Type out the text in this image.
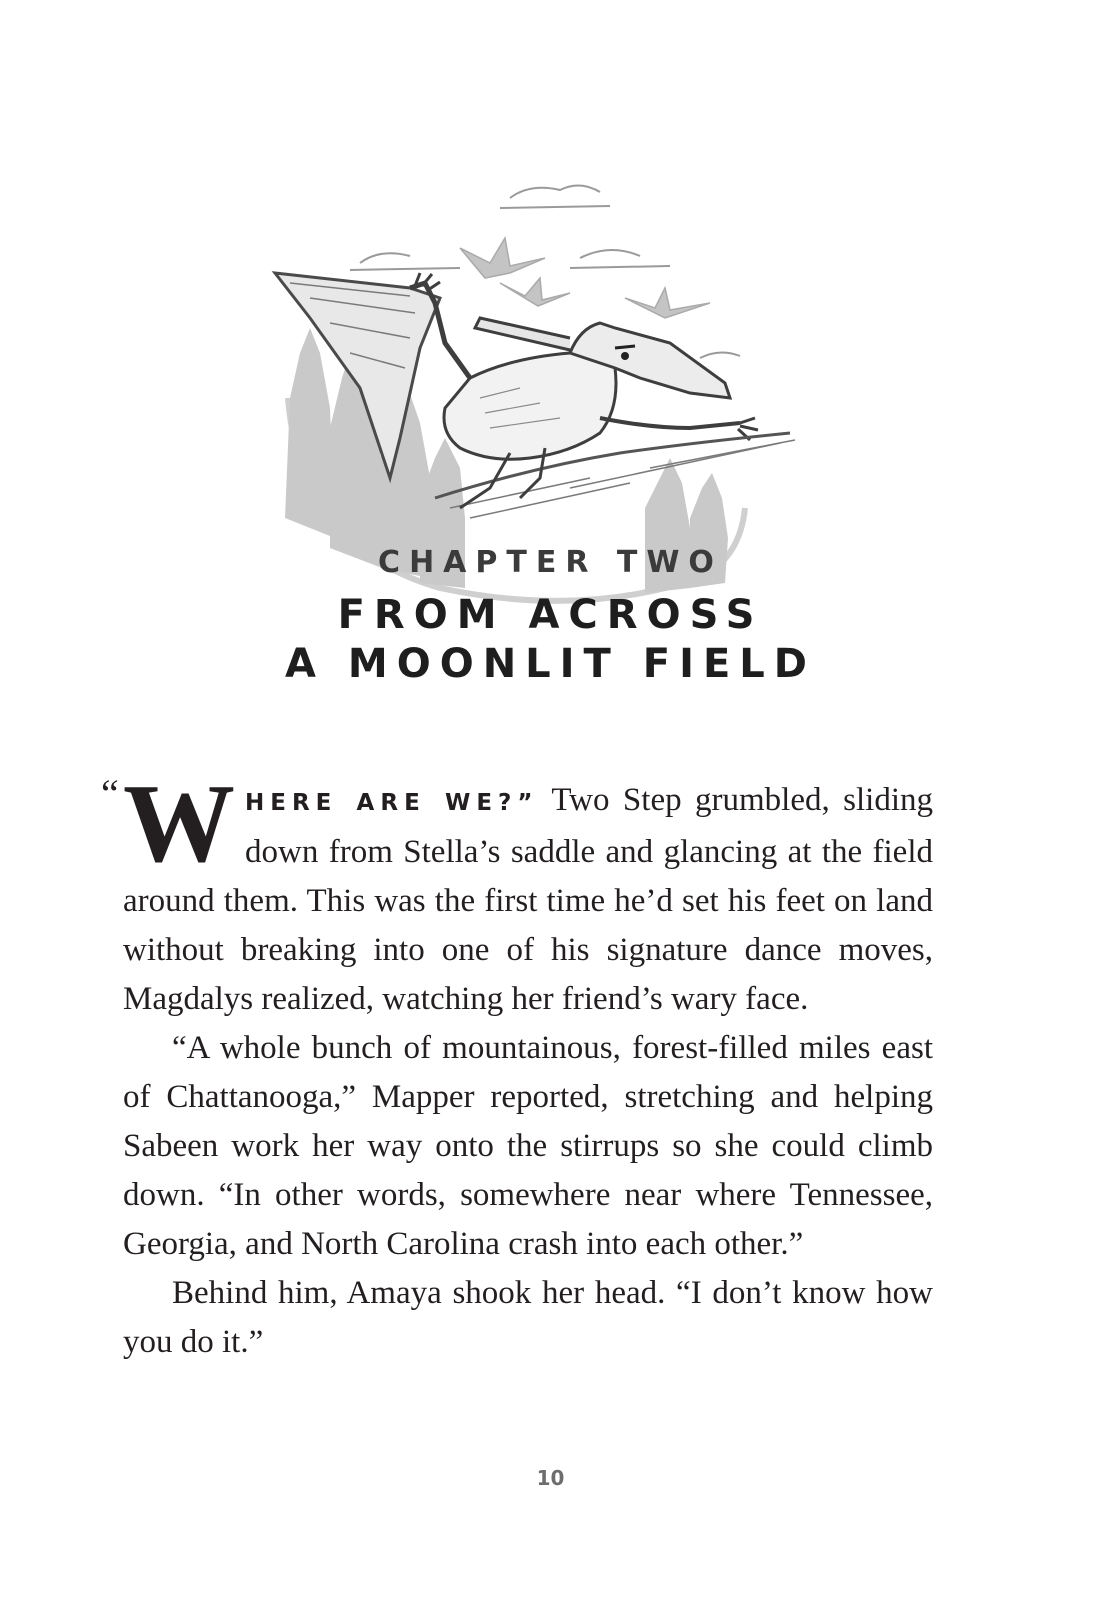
CHAPTER TWO
FROM ACROSS
A MOONLIT FIELD

“ W HERE ARE WE?” Two Step grumbled, sliding down from Stella’s saddle and glancing at the field around them. This was the first time he’d set his feet on land without breaking into one of his signature dance moves, Magdalys realized, watching her friend’s wary face.

“A whole bunch of mountainous, forest-filled miles east of Chattanooga,” Mapper reported, stretching and helping Sabeen work her way onto the stirrups so she could climb down. “In other words, somewhere near where Tennessee, Georgia, and North Carolina crash into each other.”

Behind him, Amaya shook her head. “I don’t know how you do it.”

10
